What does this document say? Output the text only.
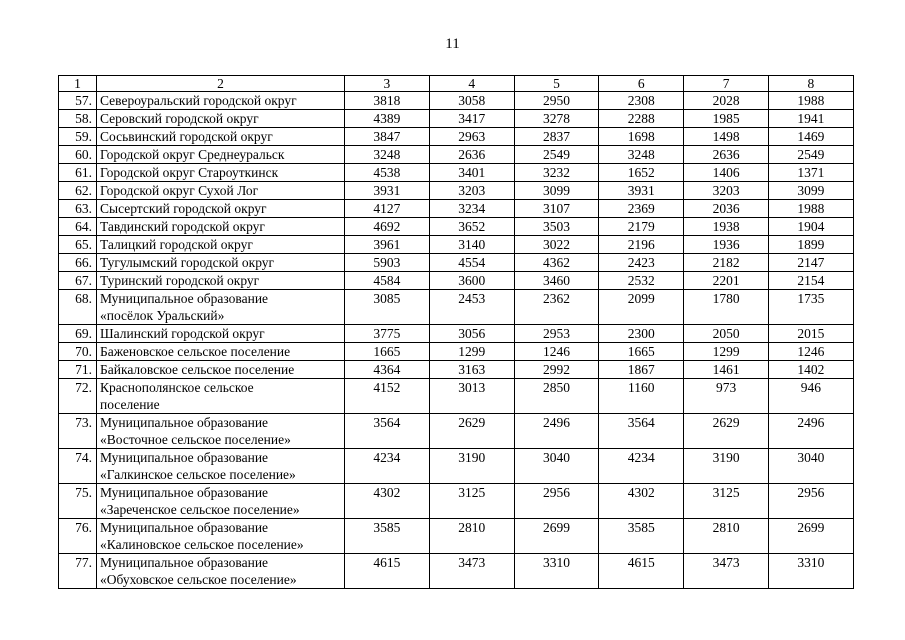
11
1	2	3	4	5	6	7	8
57.	Североуральский городской округ	3818	3058	2950	2308	2028	1988
58.	Серовский городской округ	4389	3417	3278	2288	1985	1941
59.	Сосьвинский городской округ	3847	2963	2837	1698	1498	1469
60.	Городской округ Среднеуральск	3248	2636	2549	3248	2636	2549
61.	Городской округ Староуткинск	4538	3401	3232	1652	1406	1371
62.	Городской округ Сухой Лог	3931	3203	3099	3931	3203	3099
63.	Сысертский городской округ	4127	3234	3107	2369	2036	1988
64.	Тавдинский городской округ	4692	3652	3503	2179	1938	1904
65.	Талицкий городской округ	3961	3140	3022	2196	1936	1899
66.	Тугулымский городской округ	5903	4554	4362	2423	2182	2147
67.	Туринский городской округ	4584	3600	3460	2532	2201	2154
68.	Муниципальное образование
«посёлок Уральский»	3085	2453	2362	2099	1780	1735
69.	Шалинский городской округ	3775	3056	2953	2300	2050	2015
70.	Баженовское сельское поселение	1665	1299	1246	1665	1299	1246
71.	Байкаловское сельское поселение	4364	3163	2992	1867	1461	1402
72.	Краснополянское сельское
поселение	4152	3013	2850	1160	973	946
73.	Муниципальное образование
«Восточное сельское поселение»	3564	2629	2496	3564	2629	2496
74.	Муниципальное образование
«Галкинское сельское поселение»	4234	3190	3040	4234	3190	3040
75.	Муниципальное образование
«Зареченское сельское поселение»	4302	3125	2956	4302	3125	2956
76.	Муниципальное образование
«Калиновское сельское поселение»	3585	2810	2699	3585	2810	2699
77.	Муниципальное образование
«Обуховское сельское поселение»	4615	3473	3310	4615	3473	3310
